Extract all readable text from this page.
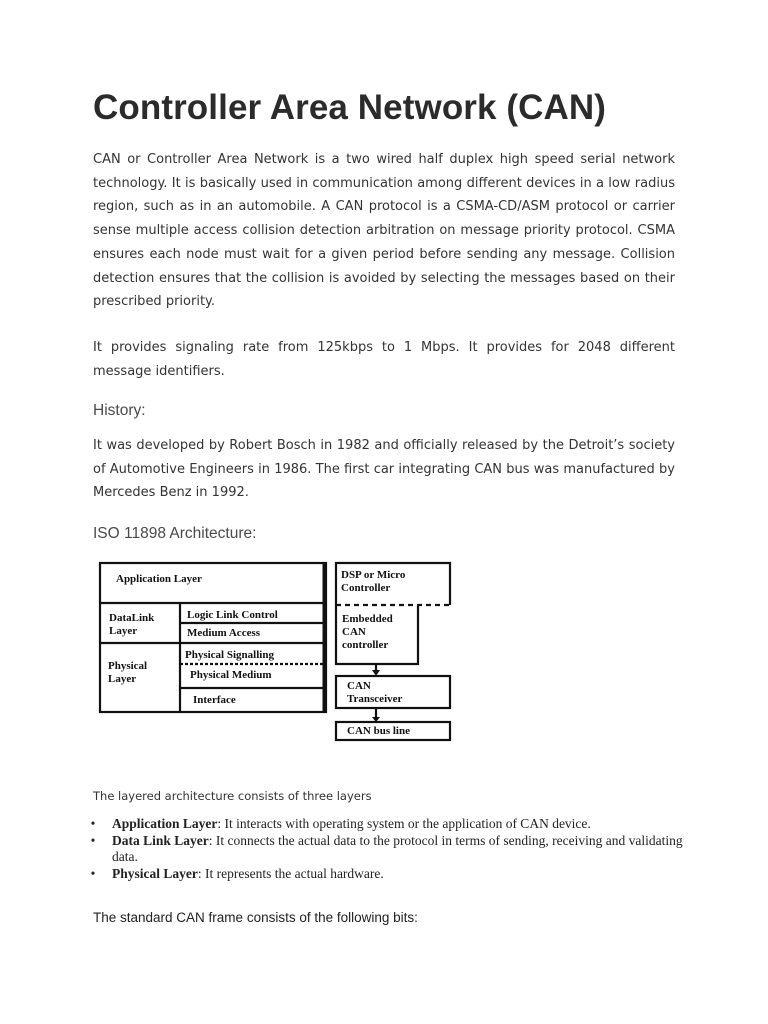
Controller Area Network (CAN)

CAN or Controller Area Network is a two wired half duplex high speed serial network technology. It is basically used in communication among different devices in a low radius region, such as in an automobile. A CAN protocol is a CSMA-CD/ASM protocol or carrier sense multiple access collision detection arbitration on message priority protocol. CSMA ensures each node must wait for a given period before sending any message. Collision detection ensures that the collision is avoided by selecting the messages based on their prescribed priority.

It provides signaling rate from 125kbps to 1 Mbps. It provides for 2048 different message identifiers.

History:

It was developed by Robert Bosch in 1982 and officially released by the Detroit’s society of Automotive Engineers in 1986. The first car integrating CAN bus was manufactured by Mercedes Benz in 1992.

ISO 11898 Architecture:
Application Layer
DataLink
Layer
Logic Link Control
Medium Access
Physical
Layer
Physical Signalling
Physical Medium
Interface
DSP or Micro
Controller
Embedded
CAN
controller
CAN
Transceiver
CAN bus line

The layered architecture consists of three layers

• Application Layer: It interacts with operating system or the application of CAN device.
• Data Link Layer: It connects the actual data to the protocol in terms of sending, receiving and validating data.
• Physical Layer: It represents the actual hardware.

The standard CAN frame consists of the following bits:
